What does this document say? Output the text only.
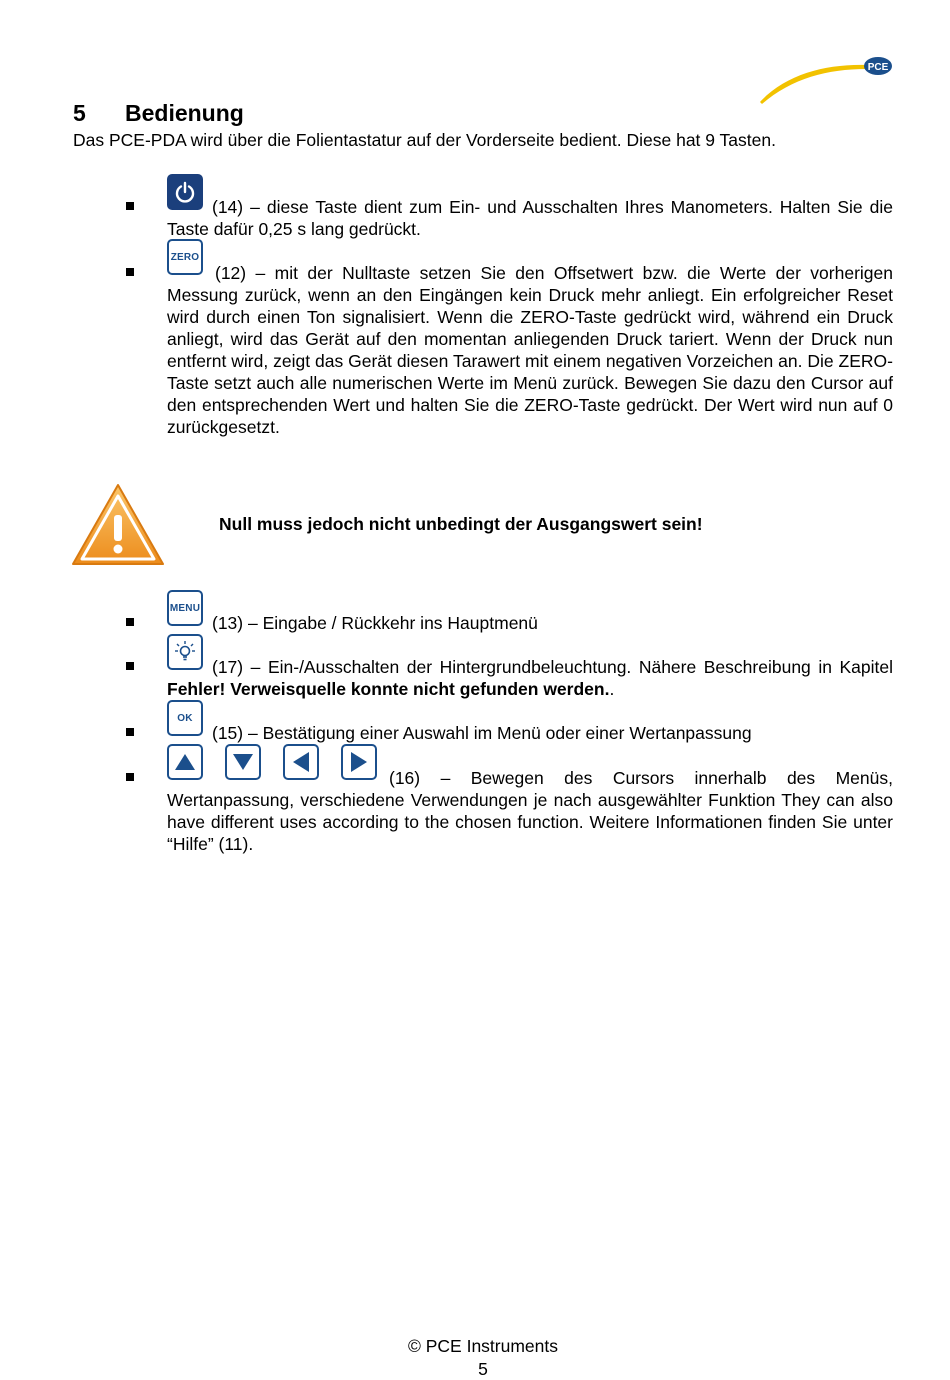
PCE
5 Bedienung

Das PCE-PDA wird über die Folientastatur auf der Vorderseite bedient. Diese hat 9 Tasten.

(14) – diese Taste dient zum Ein- und Ausschalten Ihres Manometers. Halten Sie die Taste dafür 0,25 s lang gedrückt.

ZERO

(12) – mit der Nulltaste setzen Sie den Offsetwert bzw. die Werte der vorherigen Messung zurück, wenn an den Eingängen kein Druck mehr anliegt. Ein erfolgreicher Reset wird durch einen Ton signalisiert. Wenn die ZERO-Taste gedrückt wird, während ein Druck anliegt, wird das Gerät auf den momentan anliegenden Druck tariert. Wenn der Druck nun entfernt wird, zeigt das Gerät diesen Tarawert mit einem negativen Vorzeichen an. Die ZERO-Taste setzt auch alle numerischen Werte im Menü zurück. Bewegen Sie dazu den Cursor auf den entsprechenden Wert und halten Sie die ZERO-Taste gedrückt. Der Wert wird nun auf 0 zurückgesetzt.

Null muss jedoch nicht unbedingt der Ausgangswert sein!

MENU

(13) – Eingabe / Rückkehr ins Hauptmenü

(17) – Ein-/Ausschalten der Hintergrundbeleuchtung. Nähere Beschreibung in Kapitel Fehler! Verweisquelle konnte nicht gefunden werden..

OK

(15) – Bestätigung einer Auswahl im Menü oder einer Wertanpassung

(16) – Bewegen des Cursors innerhalb des Menüs, Wertanpassung, verschiedene Verwendungen je nach ausgewählter Funktion They can also have different uses according to the chosen function. Weitere Informationen finden Sie unter “Hilfe” (11).

© PCE Instruments

5
